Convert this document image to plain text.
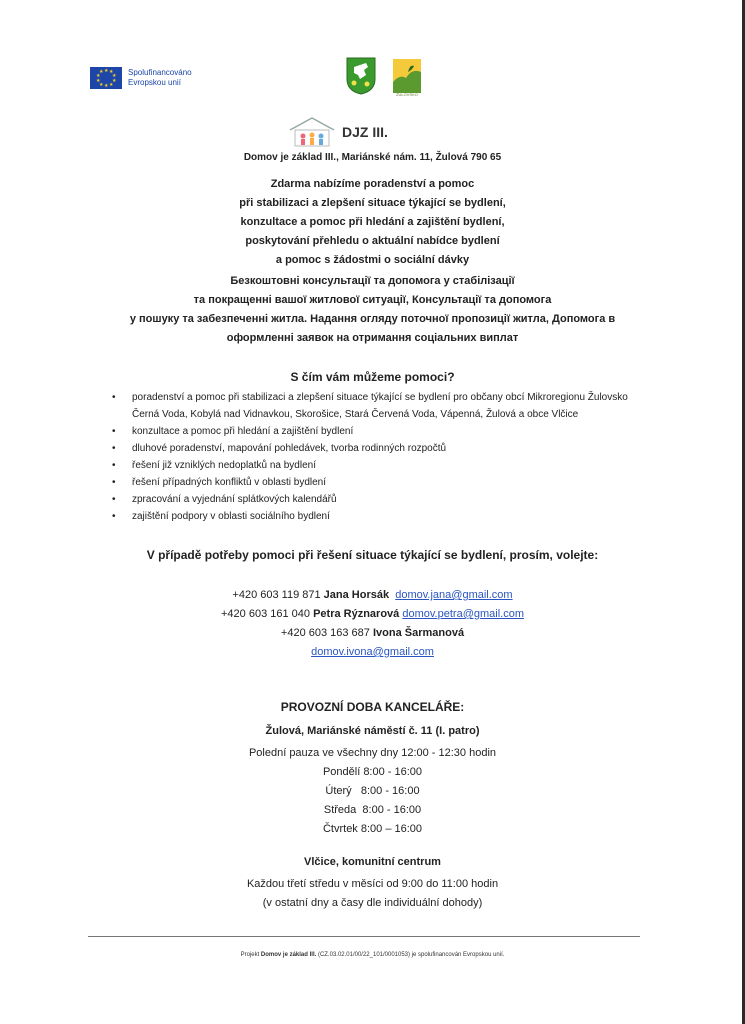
★ ★
★
★
★
★
★
★
★
★	Spolufinancováno
Evropskou unií
ŽULOVSKO
DJZ III.
Domov je základ III., Mariánské nám. 11, Žulová 790 65
Zdarma nabízíme poradenství a pomoc
při stabilizaci a zlepšení situace týkající se bydlení,
konzultace a pomoc při hledání a zajištění bydlení,
poskytování přehledu o aktuální nabídce bydlení
a pomoc s žádostmi o sociální dávky
Безкоштовні консультації та допомога у стабілізації
та покращенні вашої житлової ситуації, Консультації та допомога
у пошуку та забезпеченні житла. Надання огляду поточної пропозиції житла, Допомога в
оформленні заявок на отримання соціальних виплат
S čím vám můžeme pomoci?
• poradenství a pomoc při stabilizaci a zlepšení situace týkající se bydlení pro občany obcí Mikroregionu Žulovsko Černá Voda, Kobylá nad Vidnavkou, Skorošice, Stará Červená Voda, Vápenná, Žulová a obce Vlčice
• konzultace a pomoc při hledání a zajištění bydlení
• dluhové poradenství, mapování pohledávek, tvorba rodinných rozpočtů
• řešení již vzniklých nedoplatků na bydlení
• řešení případných konfliktů v oblasti bydlení
• zpracování a vyjednání splátkových kalendářů
• zajištění podpory v oblasti sociálního bydlení
V případě potřeby pomoci při řešení situace týkající se bydlení, prosím, volejte:
+420 603 119 871 Jana Horsák domov.jana@gmail.com
+420 603 161 040 Petra Rýznarová domov.petra@gmail.com
+420 603 163 687 Ivona Šarmanová
domov.ivona@gmail.com
PROVOZNÍ DOBA KANCELÁŘE:
Žulová, Mariánské náměstí č. 11 (I. patro)
Polední pauza ve všechny dny 12:00 - 12:30 hodin
Pondělí 8:00 - 16:00
Úterý   8:00 - 16:00
Středa  8:00 - 16:00
Čtvrtek 8:00 – 16:00
Vlčice, komunitní centrum
Každou třetí středu v měsíci od 9:00 do 11:00 hodin
(v ostatní dny a časy dle individuální dohody)
Projekt Domov je základ III. (CZ.03.02.01/00/22_101/0001053) je spolufinancován Evropskou unií.
